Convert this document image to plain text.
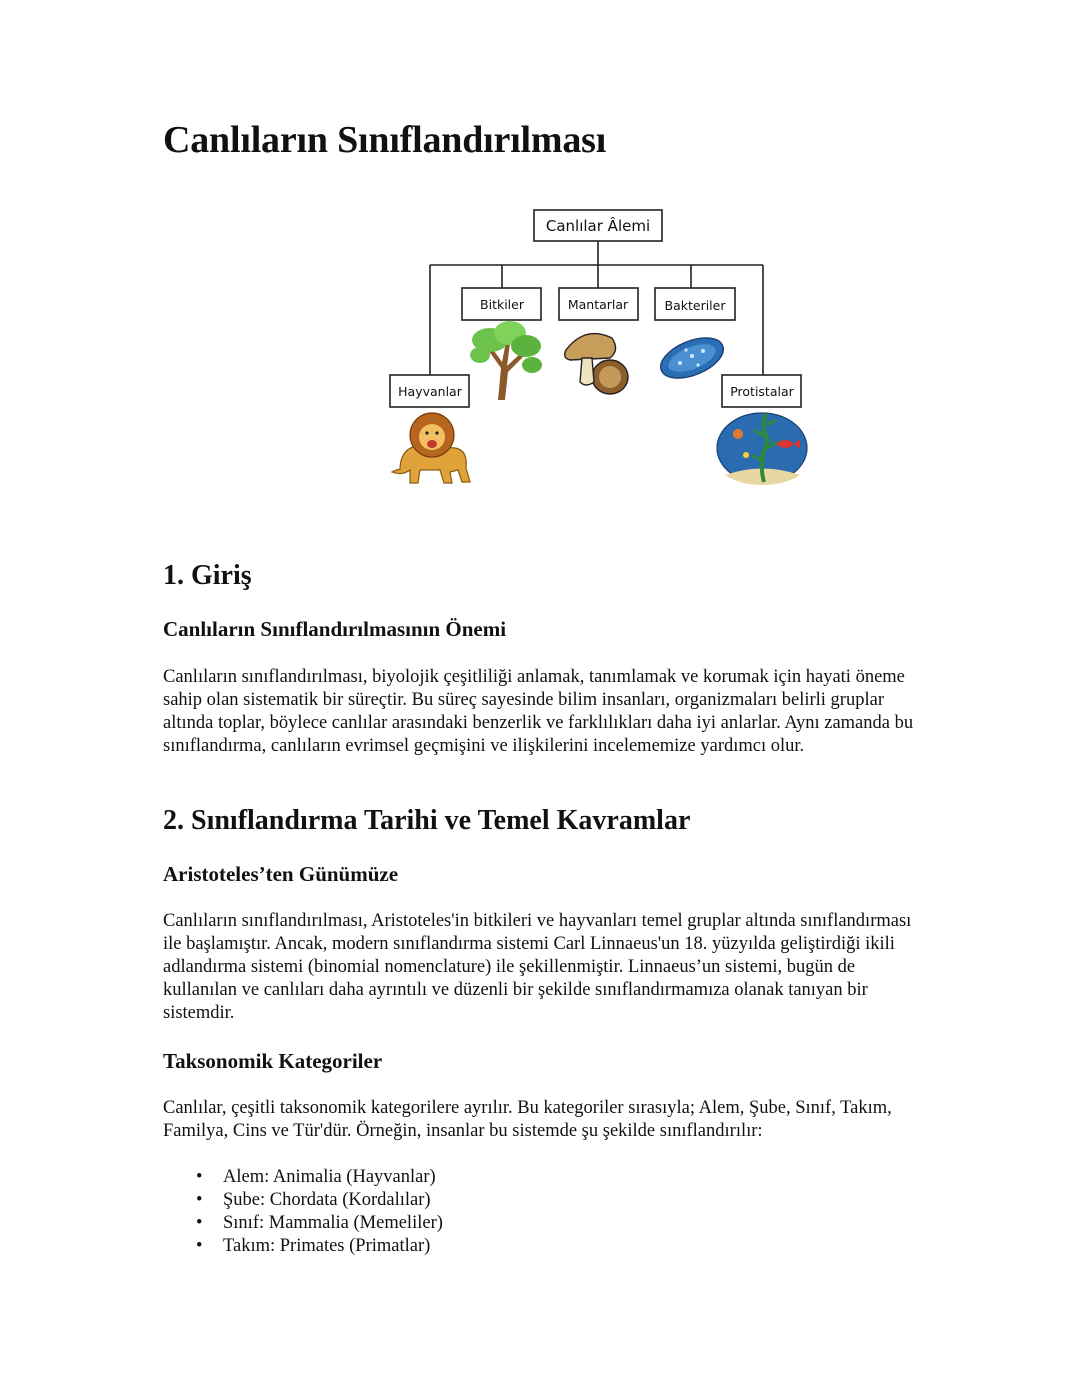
Canlıların Sınıflandırılması
Canlılar Âlemi
Bitkiler	Mantarlar	Bakteriler
Hayvanlar	Protistalar
1. Giriş
Canlıların Sınıflandırılmasının Önemi

Canlıların sınıflandırılması, biyolojik çeşitliliği anlamak, tanımlamak ve korumak için hayati öneme sahip olan sistematik bir süreçtir. Bu süreç sayesinde bilim insanları, organizmaları belirli gruplar altında toplar, böylece canlılar arasındaki benzerlik ve farklılıkları daha iyi anlarlar. Aynı zamanda bu sınıflandırma, canlıların evrimsel geçmişini ve ilişkilerini incelememize yardımcı olur.

2. Sınıflandırma Tarihi ve Temel Kavramlar
Aristoteles’ten Günümüze

Canlıların sınıflandırılması, Aristoteles'in bitkileri ve hayvanları temel gruplar altında sınıflandırması ile başlamıştır. Ancak, modern sınıflandırma sistemi Carl Linnaeus'un 18. yüzyılda geliştirdiği ikili adlandırma sistemi (binomial nomenclature) ile şekillenmiştir. Linnaeus’un sistemi, bugün de kullanılan ve canlıları daha ayrıntılı ve düzenli bir şekilde sınıflandırmamıza olanak tanıyan bir sistemdir.

Taksonomik Kategoriler

Canlılar, çeşitli taksonomik kategorilere ayrılır. Bu kategoriler sırasıyla; Alem, Şube, Sınıf, Takım, Familya, Cins ve Tür'dür. Örneğin, insanlar bu sistemde şu şekilde sınıflandırılır:

• Alem: Animalia (Hayvanlar)
• Şube: Chordata (Kordalılar)
• Sınıf: Mammalia (Memeliler)
• Takım: Primates (Primatlar)
